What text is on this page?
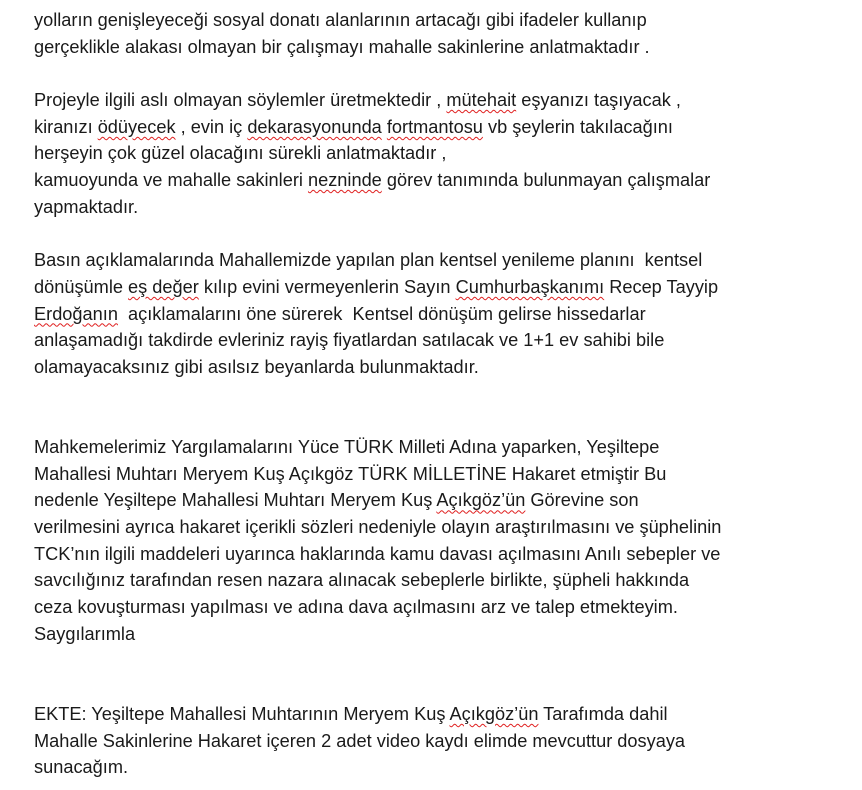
yolların genişleyeceği sosyal donatı alanlarının artacağı gibi ifadeler kullanıp
gerçeklikle alakası olmayan bir çalışmayı mahalle sakinlerine anlatmaktadır .
Projeyle ilgili aslı olmayan söylemler üretmektedir , mütehait eşyanızı taşıyacak ,
kiranızı ödüyecek , evin iç dekarasyonunda fortmantosu vb şeylerin takılacağını
herşeyin çok güzel olacağını sürekli anlatmaktadır ,
kamuoyunda ve mahalle sakinleri nezninde görev tanımında bulunmayan çalışmalar
yapmaktadır.
Basın açıklamalarında Mahallemizde yapılan plan kentsel yenileme planını  kentsel
dönüşümle eş değer kılıp evini vermeyenlerin Sayın Cumhurbaşkanımı Recep Tayyip
Erdoğanın  açıklamalarını öne sürerek  Kentsel dönüşüm gelirse hissedarlar
anlaşamadığı takdirde evleriniz rayiş fiyatlardan satılacak ve 1+1 ev sahibi bile
olamayacaksınız gibi asılsız beyanlarda bulunmaktadır.
Mahkemelerimiz Yargılamalarını Yüce TÜRK Milleti Adına yaparken, Yeşiltepe
Mahallesi Muhtarı Meryem Kuş Açıkgöz TÜRK MİLLETİNE Hakaret etmiştir Bu
nedenle Yeşiltepe Mahallesi Muhtarı Meryem Kuş Açıkgöz’ün Görevine son
verilmesini ayrıca hakaret içerikli sözleri nedeniyle olayın araştırılmasını ve şüphelinin
TCK’nın ilgili maddeleri uyarınca haklarında kamu davası açılmasını Anılı sebepler ve
savcılığınız tarafından resen nazara alınacak sebeplerle birlikte, şüpheli hakkında
ceza kovuşturması yapılması ve adına dava açılmasını arz ve talep etmekteyim.
Saygılarımla
EKTE: Yeşiltepe Mahallesi Muhtarının Meryem Kuş Açıkgöz’ün Tarafımda dahil
Mahalle Sakinlerine Hakaret içeren 2 adet video kaydı elimde mevcuttur dosyaya
sunacağım.
